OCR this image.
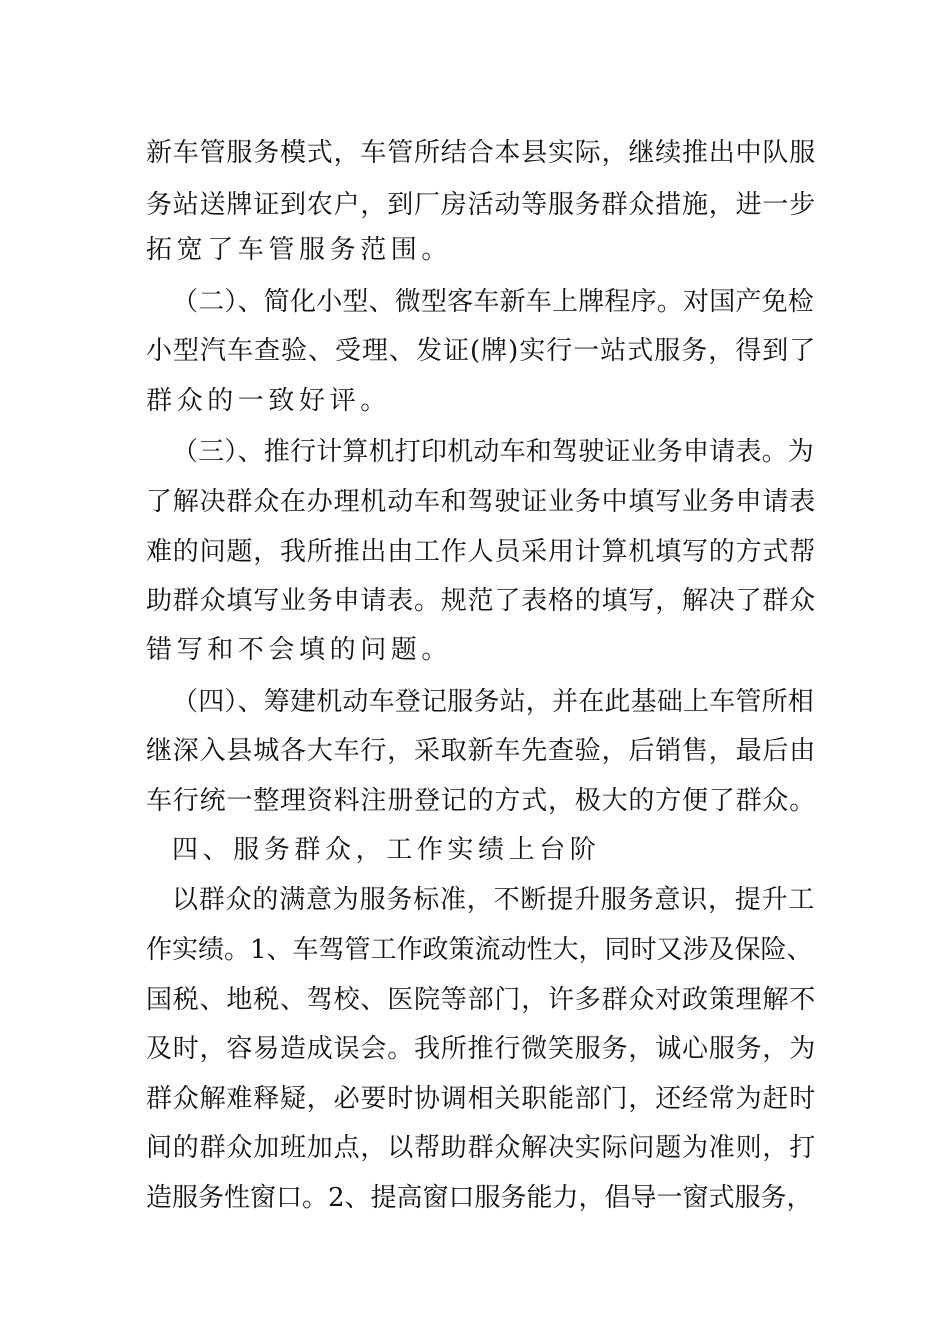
新车管服务模式，车管所结合本县实际，继续推出中队服
务站送牌证到农户，到厂房活动等服务群众措施，进一步
拓宽了车管服务范围。
（二）、简化小型、微型客车新车上牌程序。对国产免检
小型汽车查验、受理、发证(牌)实行一站式服务，得到了
群众的一致好评。
（三）、推行计算机打印机动车和驾驶证业务申请表。为
了解决群众在办理机动车和驾驶证业务中填写业务申请表
难的问题，我所推出由工作人员采用计算机填写的方式帮
助群众填写业务申请表。规范了表格的填写，解决了群众
错写和不会填的问题。
（四）、筹建机动车登记服务站，并在此基础上车管所相
继深入县城各大车行，采取新车先查验，后销售，最后由
车行统一整理资料注册登记的方式，极大的方便了群众。
四、服务群众，工作实绩上台阶
以群众的满意为服务标准，不断提升服务意识，提升工
作实绩。1、车驾管工作政策流动性大，同时又涉及保险、
国税、地税、驾校、医院等部门，许多群众对政策理解不
及时，容易造成误会。我所推行微笑服务，诚心服务，为
群众解难释疑，必要时协调相关职能部门，还经常为赶时
间的群众加班加点，以帮助群众解决实际问题为准则，打
造服务性窗口。2、提高窗口服务能力，倡导一窗式服务，
